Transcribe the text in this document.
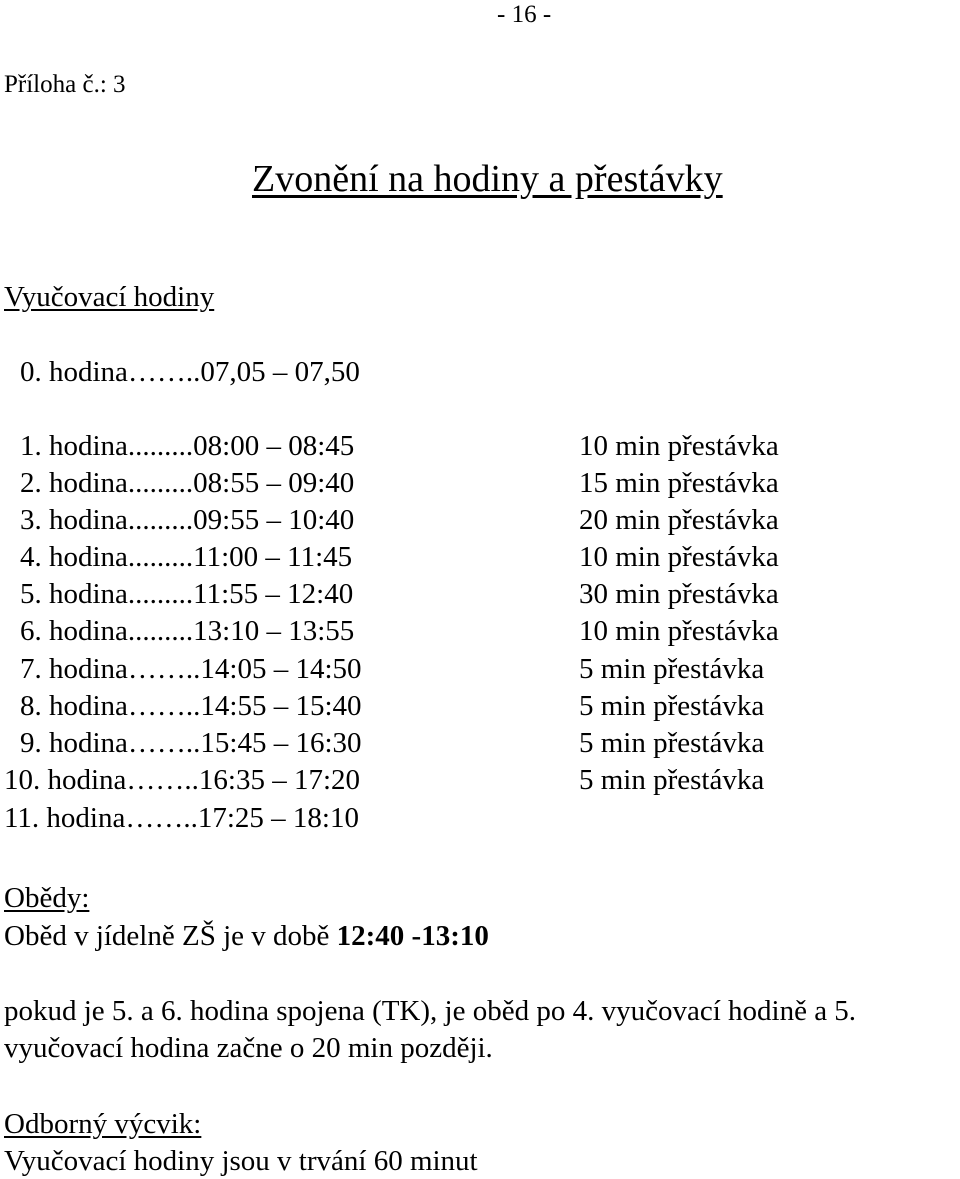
- 16 -
Příloha č.: 3
Zvonění na hodiny a přestávky
Vyučovací hodiny
0. hodina……..07,05 – 07,50
1. hodina.........08:00 – 08:45	10 min přestávka
2. hodina.........08:55 – 09:40	15 min přestávka
3. hodina.........09:55 – 10:40	20 min přestávka
4. hodina.........11:00 – 11:45	10 min přestávka
5. hodina.........11:55 – 12:40	30 min přestávka
6. hodina.........13:10 – 13:55	10 min přestávka
7. hodina……..14:05 – 14:50	5 min přestávka
8. hodina……..14:55 – 15:40	5 min přestávka
9. hodina……..15:45 – 16:30	5 min přestávka
10. hodina……..16:35 – 17:20	5 min přestávka
11. hodina……..17:25 – 18:10
Obědy:
Oběd v jídelně ZŠ je v době 12:40 -13:10
pokud je 5. a 6. hodina spojena (TK), je oběd po 4. vyučovací hodině a 5.
vyučovací hodina začne o 20 min později.
Odborný výcvik:
Vyučovací hodiny jsou v trvání 60 minut
